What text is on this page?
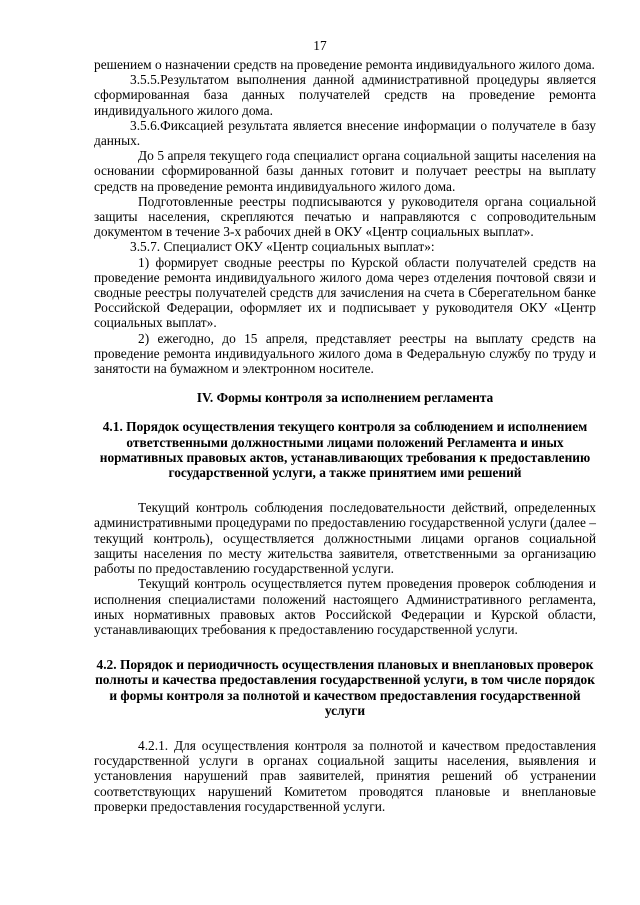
17

решением о назначении средств на проведение ремонта индивидуального жилого дома.

3.5.5.Результатом выполнения данной административной процедуры является сформированная база данных получателей средств на проведение ремонта индивидуального жилого дома.

3.5.6.Фиксацией результата является внесение информации о получателе в базу данных.

До 5 апреля текущего года специалист органа социальной защиты населения на основании сформированной базы данных готовит и получает реестры на выплату средств на проведение ремонта индивидуального жилого дома.

Подготовленные реестры подписываются у руководителя органа социальной защиты населения, скрепляются печатью и направляются с сопроводительным документом в течение 3-х рабочих дней в ОКУ «Центр социальных выплат».

3.5.7. Специалист ОКУ «Центр социальных выплат»:

1) формирует сводные реестры по Курской области получателей средств на проведение ремонта индивидуального жилого дома через отделения почтовой связи и сводные реестры получателей средств для зачисления на счета в Сберегательном банке Российской Федерации, оформляет их и подписывает у руководителя ОКУ «Центр социальных выплат».

2) ежегодно, до 15 апреля, представляет реестры на выплату средств на проведение ремонта индивидуального жилого дома в Федеральную службу по труду и занятости на бумажном и электронном носителе.

IV. Формы контроля за исполнением регламента

4.1. Порядок осуществления текущего контроля за соблюдением и исполнением ответственными должностными лицами положений Регламента и иных нормативных правовых актов, устанавливающих требования к предоставлению государственной услуги, а также принятием ими решений

Текущий контроль соблюдения последовательности действий, определенных административными процедурами по предоставлению государственной услуги (далее – текущий контроль), осуществляется должностными лицами органов социальной защиты населения по месту жительства заявителя, ответственными за организацию работы по предоставлению государственной услуги.

Текущий контроль осуществляется путем проведения проверок соблюдения и исполнения специалистами положений настоящего Административного регламента, иных нормативных правовых актов Российской Федерации и Курской области, устанавливающих требования к предоставлению государственной услуги.

4.2. Порядок и периодичность осуществления плановых и внеплановых проверок полноты и качества предоставления государственной услуги, в том числе порядок и формы контроля за полнотой и качеством предоставления государственной услуги

4.2.1. Для осуществления контроля за полнотой и качеством предоставления государственной услуги в органах социальной защиты населения, выявления и установления нарушений прав заявителей, принятия решений об устранении соответствующих нарушений Комитетом проводятся плановые и внеплановые проверки предоставления государственной услуги.
